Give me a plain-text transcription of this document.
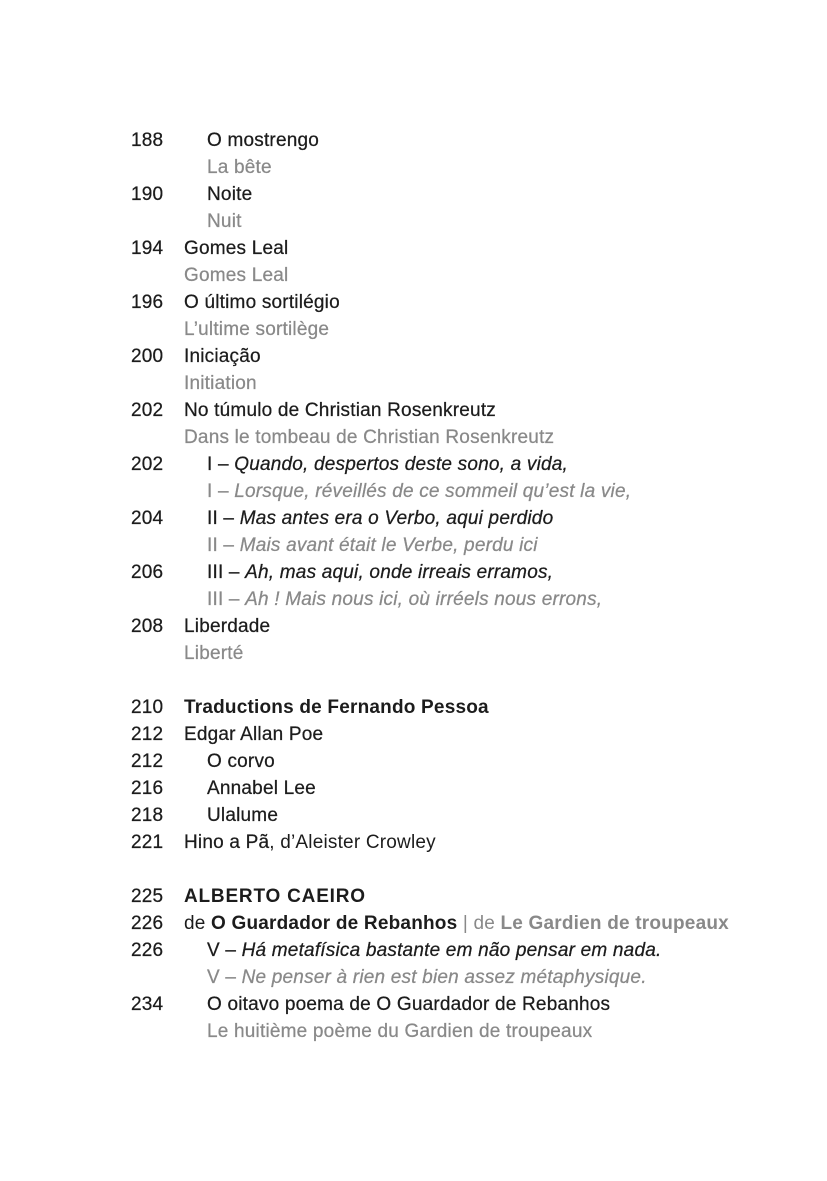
188	O mostrengo
La bête
190	Noite
Nuit
194	Gomes Leal
Gomes Leal
196	O último sortilégio
L’ultime sortilège
200	Iniciação
Initiation
202	No túmulo de Christian Rosenkreutz
Dans le tombeau de Christian Rosenkreutz
202	I – Quando, despertos deste sono, a vida,
I – Lorsque, réveillés de ce sommeil qu’est la vie,
204	II – Mas antes era o Verbo, aqui perdido
II – Mais avant était le Verbe, perdu ici
206	III – Ah, mas aqui, onde irreais erramos,
III – Ah ! Mais nous ici, où irréels nous errons,
208	Liberdade
Liberté
210	Traductions de Fernando Pessoa
212	Edgar Allan Poe
212	O corvo
216	Annabel Lee
218	Ulalume
221	Hino a Pã, d’Aleister Crowley
225	ALBERTO CAEIRO
226	de O Guardador de Rebanhos | de Le Gardien de troupeaux
226	V – Há metafísica bastante em não pensar em nada.
V – Ne penser à rien est bien assez métaphysique.
234	O oitavo poema de O Guardador de Rebanhos
Le huitième poème du Gardien de troupeaux
